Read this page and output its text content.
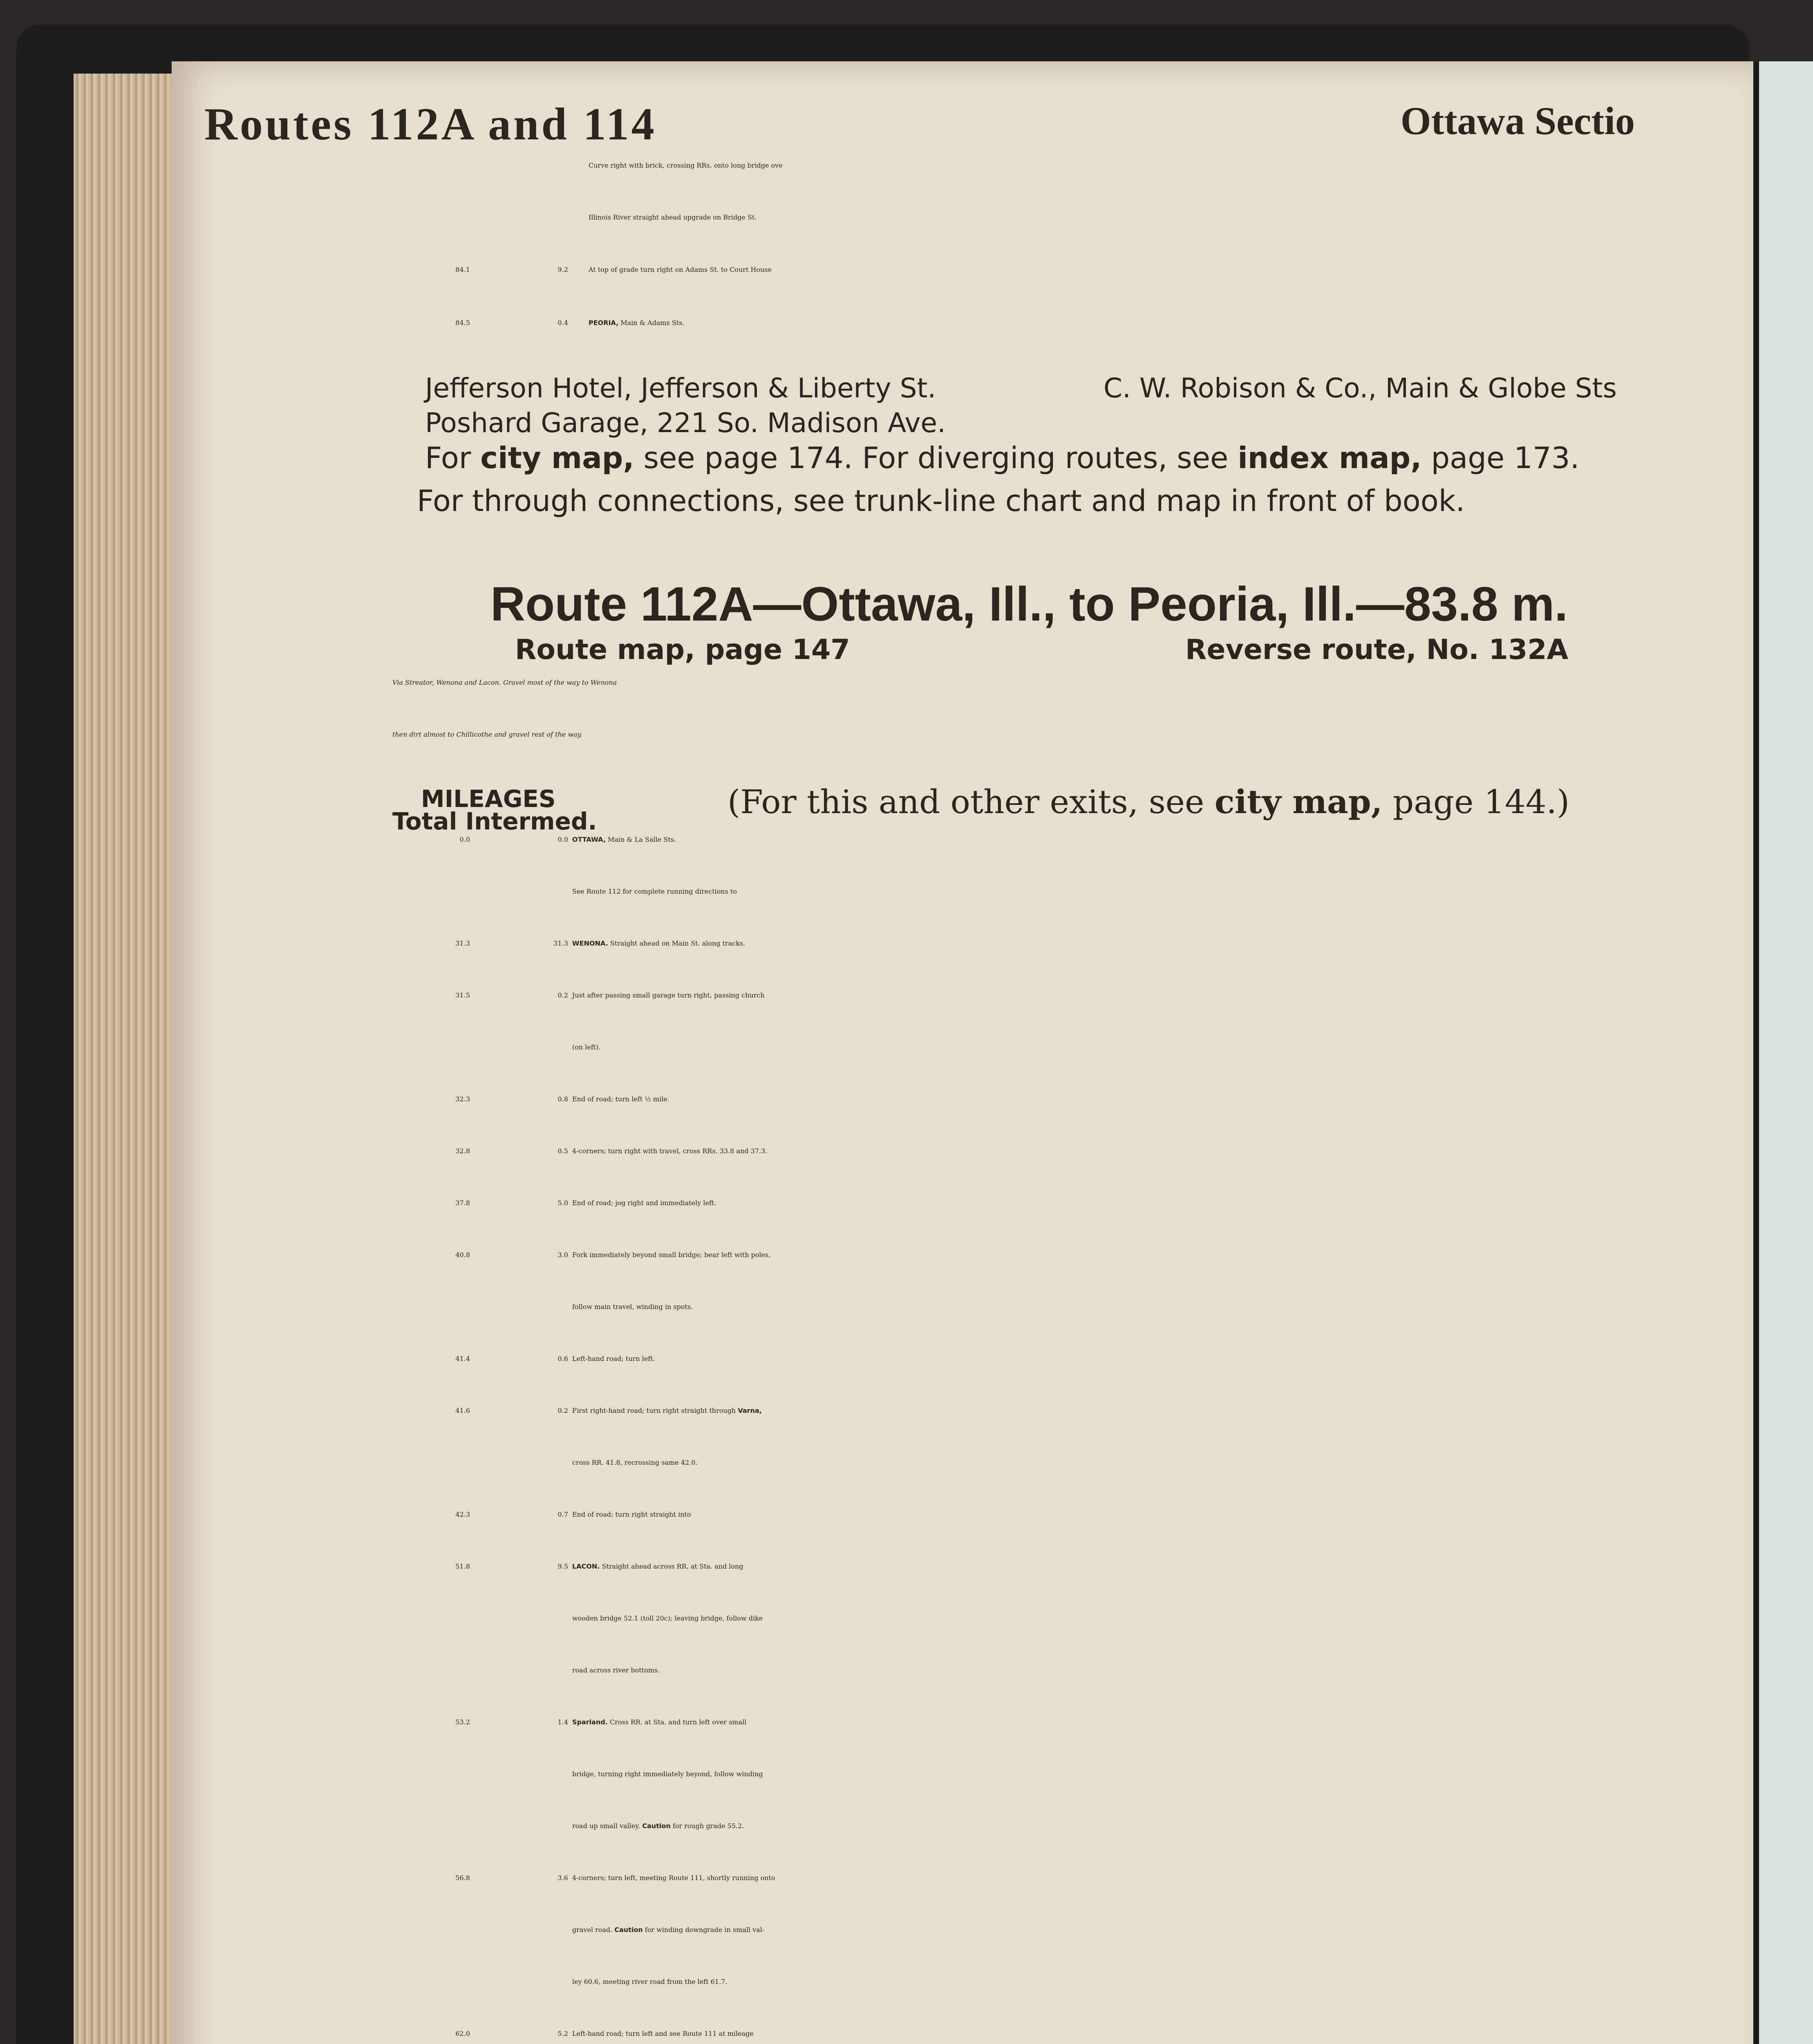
Routes 112A and 114	Ottawa Sectio
Curve right with brick, crossing RRs. onto long bridge ove
Illinois River straight ahead upgrade on Bridge St.
84.1	9.2	At top of grade turn right on Adams St. to Court House
84.5	0.4	PEORIA, Main & Adams Sts.
Jefferson Hotel, Jefferson & Liberty St.	C. W. Robison & Co., Main & Globe Sts
Poshard Garage, 221 So. Madison Ave.
For city map, see page 174. For diverging routes, see index map, page 173.
For through connections, see trunk-line chart and map in front of book.
Route 112A—Ottawa, Ill., to Peoria, Ill.—83.8 m.
Route map, page 147	Reverse route, No. 132A
Via Streator, Wenona and Lacon. Gravel most of the way to Wenona
then dirt almost to Chillicothe and gravel rest of the way.
MILEAGES
Total Intermed.
(For this and other exits, see city map, page 144.)
0.0	0.0 OTTAWA, Main & La Salle Sts.
See Route 112 for complete running directions to
31.3	31.3 WENONA. Straight ahead on Main St. along tracks.
31.5	0.2 Just after passing small garage turn right, passing church
(on left).
32.3	0.8 End of road; turn left ½ mile.
32.8	0.5 4-corners; turn right with travel, cross RRs. 33.8 and 37.3.
37.8	5.0 End of road; jog right and immediately left.
40.8	3.0 Fork immediately beyond small bridge; bear left with poles,
follow main travel, winding in spots.
41.4	0.6 Left-hand road; turn left.
41.6	0.2 First right-hand road; turn right straight through Varna,
cross RR. 41.8, recrossing same 42.0.
42.3	0.7 End of road; turn right straight into
51.8	9.5 LACON. Straight ahead across RR. at Sta. and long
wooden bridge 52.1 (toll 20c); leaving bridge, follow dike
road across river bottoms.
53.2	1.4 Sparland. Cross RR. at Sta. and turn left over small
bridge, turning right immediately beyond, follow winding
road up small valley. Caution for rough grade 55.2.
56.8	3.6 4-corners; turn left, meeting Route 111, shortly running onto
gravel road. Caution for winding downgrade in small val-
ley 60.6, meeting river road from the left 61.7.
62.0	5.2 Left-hand road; turn left and see Route 111 at mileage
